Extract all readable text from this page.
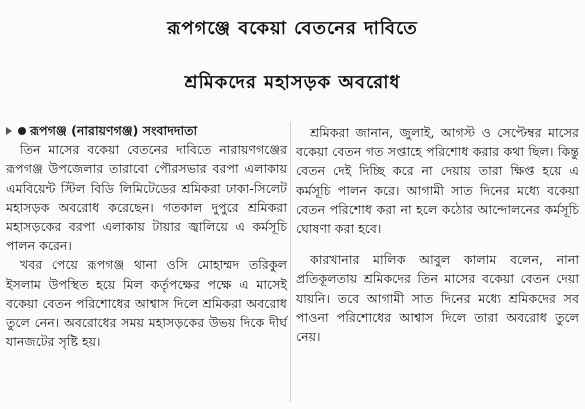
রূপগঞ্জে বকেয়া বেতনের দাবিতে
শ্রমিকদের মহাসড়ক অবরোধ
রূপগঞ্জ (নারায়ণগঞ্জ) সংবাদদাতা

তিন মাসের বকেয়া বেতনের দাবিতে নারায়ণগঞ্জের রূপগঞ্জ উপজেলার তারাবো পৌরসভার বরপা এলাকায় এমবিয়েন্ট স্টিল বিডি লিমিটেডের শ্রমিকরা ঢাকা-সিলেট মহাসড়ক অবরোধ করেছেন। গতকাল দুপুরে শ্রমিকরা মহাসড়কের বরপা এলাকায় টায়ার জ্বালিয়ে এ কর্মসূচি পালন করেন।

খবর পেয়ে রূপগঞ্জ থানা ওসি মোহাম্মদ তরিকুল ইসলাম উপস্থিত হয়ে মিল কর্তৃপক্ষের পক্ষে এ মাসেই বকেয়া বেতন পরিশোধের আশ্বাস দিলে শ্রমিকরা অবরোধ তুলে নেন। অবরোধের সময় মহাসড়কের উভয় দিকে দীর্ঘ যানজটের সৃষ্টি হয়।

শ্রমিকরা জানান, জুলাই, আগস্ট ও সেপ্টেম্বর মাসের বকেয়া বেতন গত সপ্তাহে পরিশোধ করার কথা ছিল। কিন্তু বেতন দেই দিচ্ছি করে না দেয়ায় তারা ক্ষিপ্ত হয়ে এ কর্মসূচি পালন করে। আগামী সাত দিনের মধ্যে বকেয়া বেতন পরিশোধ করা না হলে কঠোর আন্দোলনের কর্মসূচি ঘোষণা করা হবে।

কারখানার মালিক আবুল কালাম বলেন, নানা প্রতিকূলতায় শ্রমিকদের তিন মাসের বকেয়া বেতন দেয়া যায়নি। তবে আগামী সাত দিনের মধ্যে শ্রমিকদের সব পাওনা পরিশোধের আশ্বাস দিলে তারা অবরোধ তুলে নেয়।
